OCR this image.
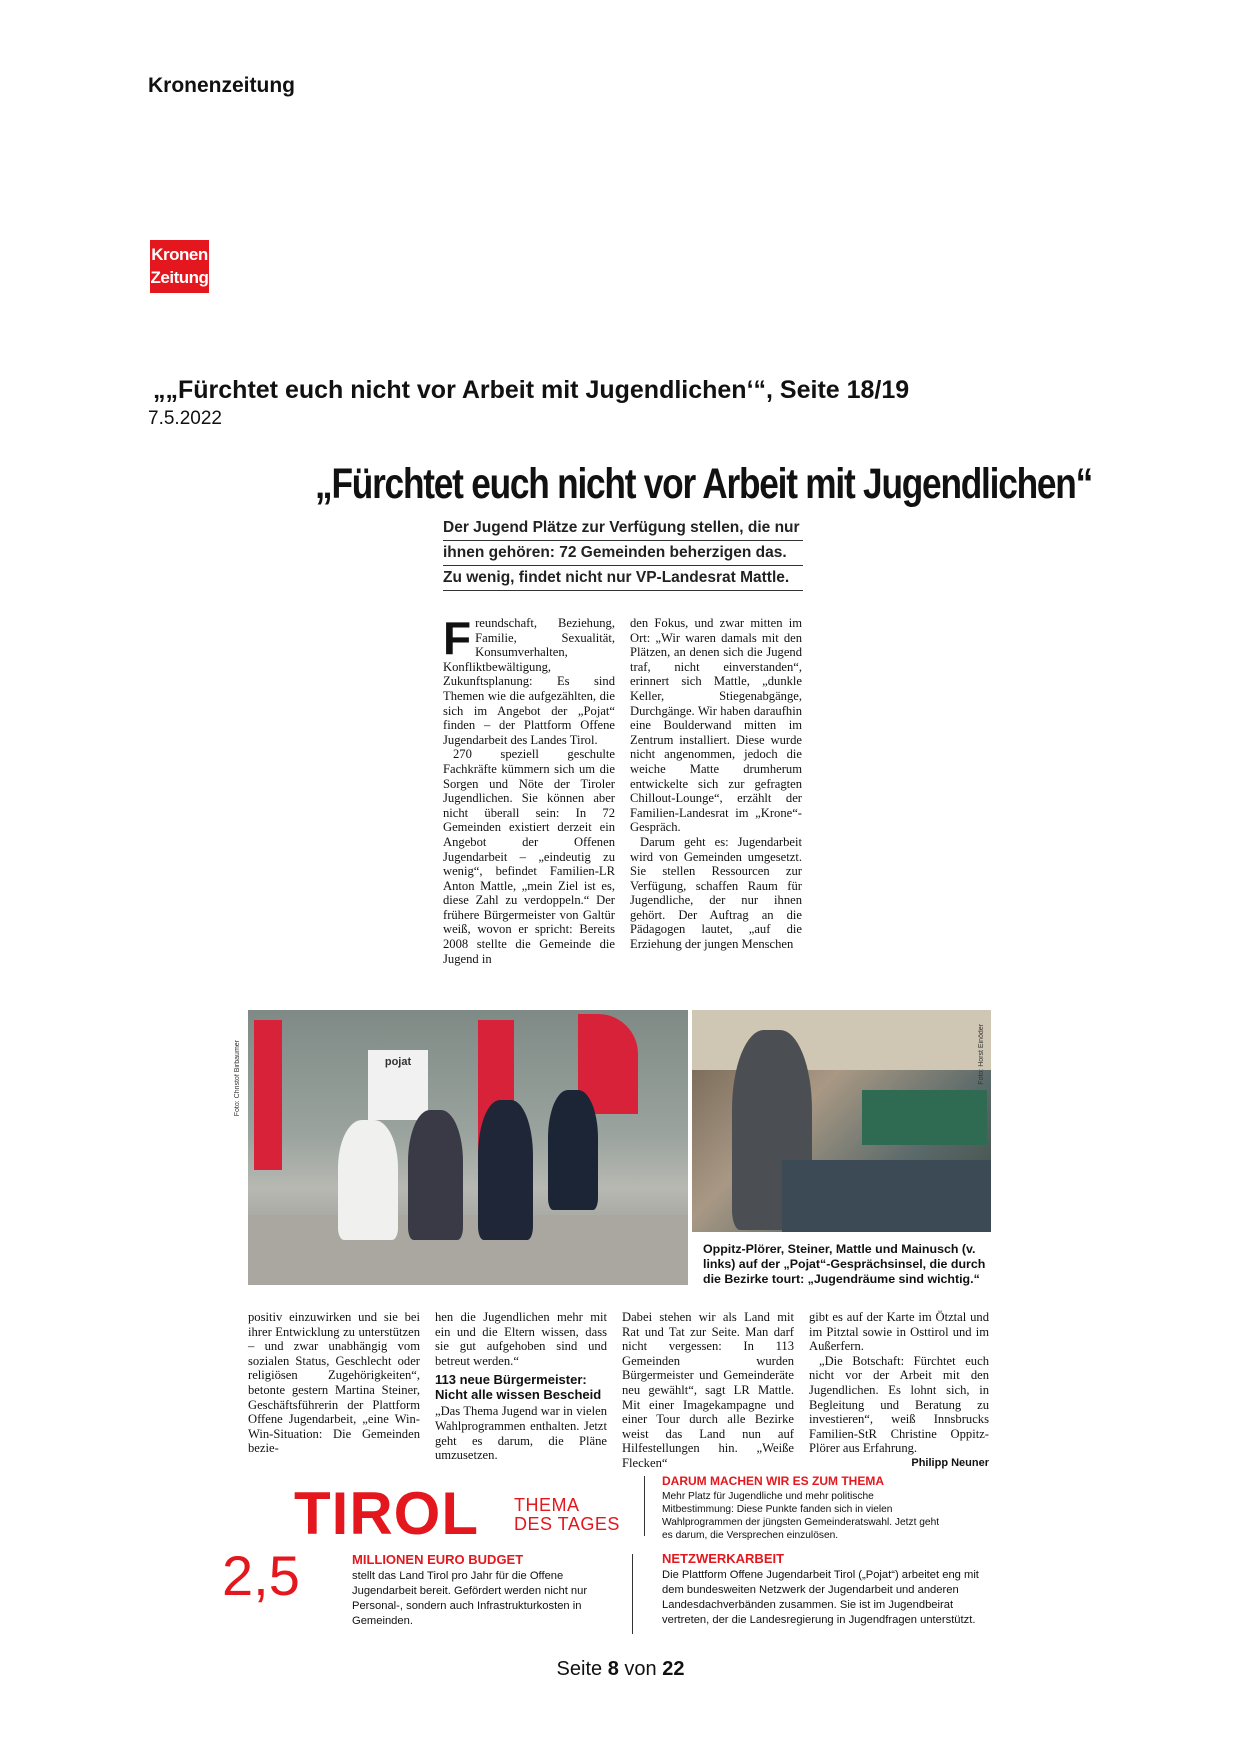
Kronenzeitung
Kronen
Zeitung
„„Fürchtet euch nicht vor Arbeit mit Jugendlichen‘“, Seite 18/19
7.5.2022
„Fürchtet euch nicht vor Arbeit mit Jugendlichen“
Der Jugend Plätze zur Verfügung stellen, die nur
ihnen gehören: 72 Gemeinden beherzigen das.
Zu wenig, findet nicht nur VP-Landesrat Mattle.
F reundschaft, Beziehung, Familie, Sexualität, Konsumverhalten, Konfliktbewältigung, Zukunftsplanung: Es sind Themen wie die aufgezählten, die sich im Angebot der „Pojat“ finden – der Plattform Offene Jugendarbeit des Landes Tirol.

270 speziell geschulte Fachkräfte kümmern sich um die Sorgen und Nöte der Tiroler Jugendlichen. Sie können aber nicht überall sein: In 72 Gemeinden existiert derzeit ein Angebot der Offenen Jugendarbeit – „eindeutig zu wenig“, befindet Familien-LR Anton Mattle, „mein Ziel ist es, diese Zahl zu verdoppeln.“ Der frühere Bürgermeister von Galtür weiß, wovon er spricht: Bereits 2008 stellte die Gemeinde die Jugend in

den Fokus, und zwar mitten im Ort: „Wir waren damals mit den Plätzen, an denen sich die Jugend traf, nicht einverstanden“, erinnert sich Mattle, „dunkle Keller, Stiegenabgänge, Durchgänge. Wir haben daraufhin eine Boulderwand mitten im Zentrum installiert. Diese wurde nicht angenommen, jedoch die weiche Matte drumherum entwickelte sich zur gefragten Chillout-Lounge“, erzählt der Familien-Landesrat im „Krone“-Gespräch.

Darum geht es: Jugendarbeit wird von Gemeinden umgesetzt. Sie stellen Ressourcen zur Verfügung, schaffen Raum für Jugendliche, der nur ihnen gehört. Der Auftrag an die Pädagogen lautet, „auf die Erziehung der jungen Menschen

pojat
Foto: Christof Birbaumer	Foto: Horst Einöder
Oppitz-Plörer, Steiner, Mattle und Mainusch (v. links) auf der „Pojat“-Gesprächsinsel, die durch die Bezirke tourt: „Jugendräume sind wichtig.“

positiv einzuwirken und sie bei ihrer Entwicklung zu unterstützen – und zwar unabhängig vom sozialen Status, Geschlecht oder religiösen Zugehörigkeiten“, betonte gestern Martina Steiner, Geschäftsführerin der Plattform Offene Jugendarbeit, „eine Win-Win-Situation: Die Gemeinden bezie-

hen die Jugendlichen mehr mit ein und die Eltern wissen, dass sie gut aufgehoben sind und betreut werden.“

113 neue Bürgermeister: Nicht alle wissen Bescheid

„Das Thema Jugend war in vielen Wahlprogrammen enthalten. Jetzt geht es darum, die Pläne umzusetzen.

Dabei stehen wir als Land mit Rat und Tat zur Seite. Man darf nicht vergessen: In 113 Gemeinden wurden Bürgermeister und Gemeinderäte neu gewählt“, sagt LR Mattle. Mit einer Imagekampagne und einer Tour durch alle Bezirke weist das Land nun auf Hilfestellungen hin. „Weiße Flecken“

gibt es auf der Karte im Ötztal und im Pitztal sowie in Osttirol und im Außerfern.

„Die Botschaft: Fürchtet euch nicht vor der Arbeit mit den Jugendlichen. Es lohnt sich, in Begleitung und Beratung zu investieren“, weiß Innsbrucks Familien-StR Christine Oppitz-Plörer aus Erfahrung.

Philipp Neuner
TIROL THEMA
DES TAGES
DARUM MACHEN WIR ES ZUM THEMA
Mehr Platz für Jugendliche und mehr politische Mitbestimmung: Diese Punkte fanden sich in vielen Wahlprogrammen der jüngsten Gemeinderatswahl. Jetzt geht es darum, die Versprechen einzulösen.
2,5	MILLIONEN EURO BUDGET
stellt das Land Tirol pro Jahr für die Offene Jugendarbeit bereit. Gefördert werden nicht nur Personal-, sondern auch Infrastrukturkosten in Gemeinden.
NETZWERKARBEIT
Die Plattform Offene Jugendarbeit Tirol („Pojat“) arbeitet eng mit dem bundesweiten Netzwerk der Jugendarbeit und anderen Landesdachverbänden zusammen. Sie ist im Jugendbeirat vertreten, der die Landesregierung in Jugendfragen unterstützt.
Seite 8 von 22
